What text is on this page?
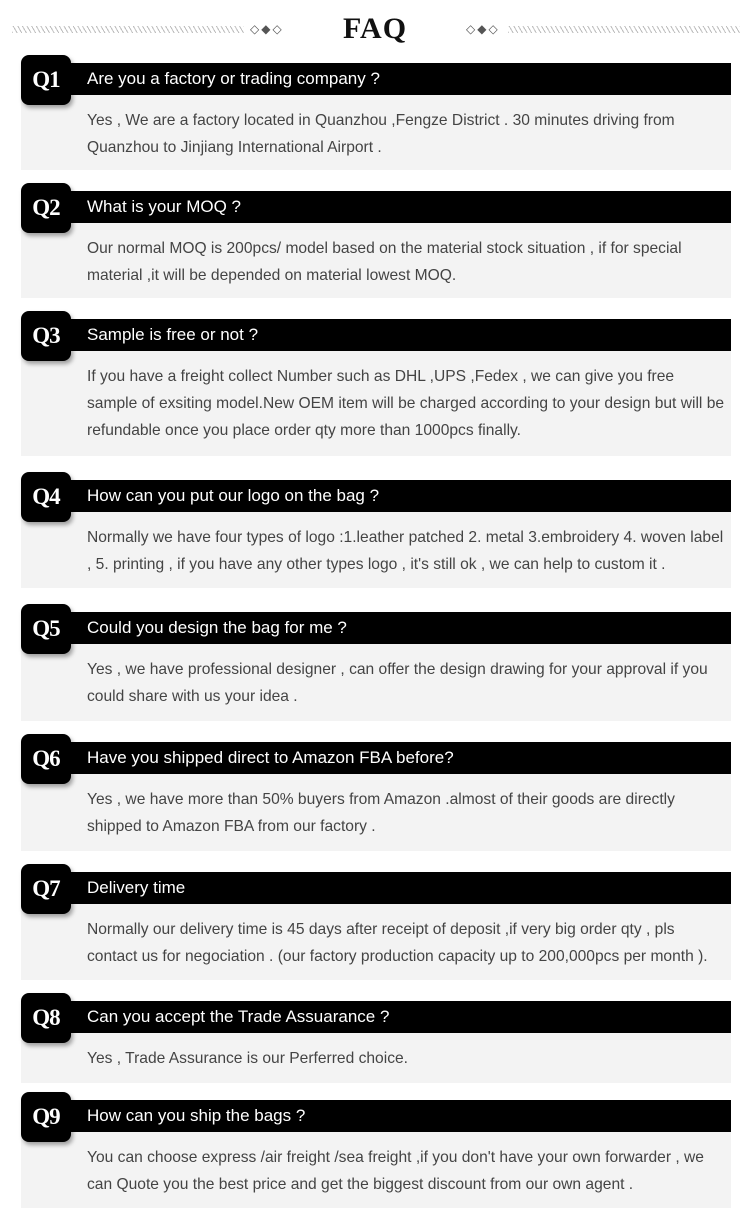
◇◆◇	FAQ	◇◆◇

Yes , We are a factory located in Quanzhou ,Fengze District . 30 minutes driving from Quanzhou to Jinjiang International Airport .

Q1	Are you a factory or trading company ?

Our normal MOQ is 200pcs/ model based on the material stock situation , if for special material ,it will be depended on material lowest MOQ.

Q2	What is your MOQ ?

If you have a freight collect Number such as DHL ,UPS ,Fedex , we can give you free sample of exsiting model.New OEM item will be charged according to your design but will be refundable once you place order qty more than 1000pcs finally.

Q3	Sample is free or not ?

Normally we have four types of logo :1.leather patched 2. metal 3.embroidery 4. woven label , 5. printing , if you have any other types logo , it's still ok , we can help to custom it .

Q4	How can you put our logo on the bag ?

Yes , we have professional designer , can offer the design drawing for your approval if you could share with us your idea .

Q5	Could you design the bag for me ?

Yes , we have more than 50% buyers from Amazon .almost of their goods are directly shipped to Amazon FBA from our factory .

Q6	Have you shipped direct to Amazon FBA before?

Normally our delivery time is 45 days after receipt of deposit ,if very big order qty , pls contact us for negociation . (our factory production capacity up to 200,000pcs per month ).

Q7	Delivery time

Yes , Trade Assurance is our Perferred choice.

Q8	Can you accept the Trade Assuarance ?

You can choose express /air freight /sea freight ,if you don't have your own forwarder , we can Quote you the best price and get the biggest discount from our own agent .

Q9	How can you ship the bags ?
